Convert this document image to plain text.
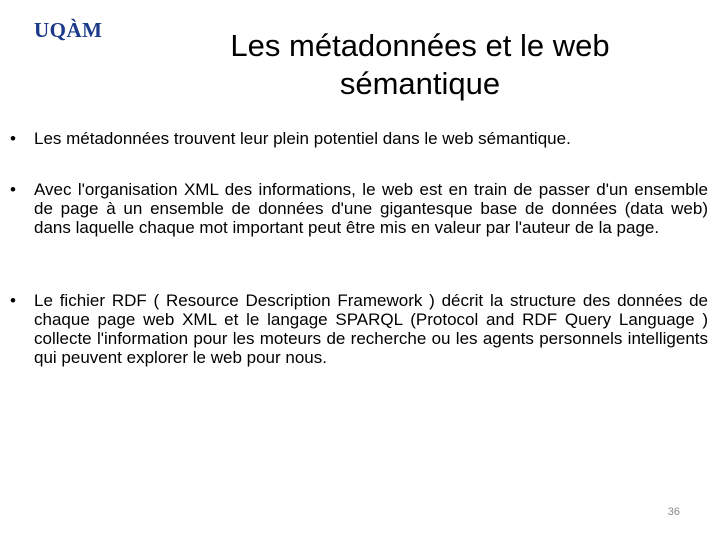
UQÀM	Les métadonnées et le web
sémantique
•	Les métadonnées trouvent leur plein potentiel dans le web sémantique.
•	Avec l'organisation XML des informations, le web est en train de passer d'un ensemble de page à un ensemble de données d'une gigantesque base de données (data web) dans laquelle chaque mot important peut être mis en valeur par l'auteur de la page.
•	Le fichier RDF ( Resource Description Framework ) décrit la structure des données de chaque page web XML et le langage SPARQL (Protocol and RDF Query Language ) collecte l'information pour les moteurs de recherche ou les agents personnels intelligents qui peuvent explorer le web pour nous.
36
